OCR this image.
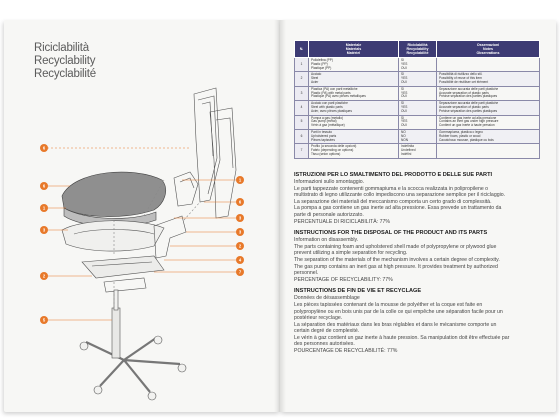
6
6
1
3
2
5
1
6
3
3
2
4
7
Riciclabilità
Recyclability
Recyclabilité
N.	Materiale
Materials
Matériel	Riciclabilità
Recyclability
Recyclabilité	Osservazioni
Notes
Observations

1	Poliolefina (PP)
Plastic (PP)
Plastique (PP)	SI
YES
OUI	

2	Acciaio
Steel
Acier	SI
YES
OUI	Possibilità di riutilizzo dello stil.
Possibility of reuse of this item
Possibilité de réutiliser cet élément

3	Plastica (PA) con parti metalliche
Plastic (PA) with metal parts
Plastique (PA) avec pièces métalliques	SI
YES
OUI	Separazione accurata delle parti plastiche
Accurate separation of plastic parts
Précise séparation des parties plastiques

4	Acciaio con parti plastiche
Steel with plastic parts
Acier, avec pièces plastiques	SI
YES
OUI	Separazione accurata delle parti plastiche
Accurate separation of plastic parts
Précise séparation des parties plastiques

5	Pompa a gas (metallo)
Gas pump (metal)
Vérin à gaz (métallique)	SI
YES
OUI	Contiene un gas inerte ad alta pressione
Contains an inert gas under high pressure
Contient un gaz inerte à haute pression

6	Parti in tessuto
Upholstered parts
Pièces tapissées	NO
NO
NON	Gommapiuma, plastica o legno
Rubber foam, plastic or wood
Caoutchouc mousse, plastique ou bois

7	Profilo (a seconda delle opzioni)
Fabric (depending on options)
Tissu (selon options)	Indefinita
Undefined
Indéfini	

ISTRUZIONI PER LO SMALTIMENTO DEL PRODOTTO E DELLE SUE PARTI
Informazioni sullo smontaggio.
Le parti tappezzate contenenti gommapiuma e la scocca realizzata in polipropilene o
multistrato di legno utilizzante collo impediscono una separazione semplice per il riciclaggio.
La separazione dei materiali del meccanismo comporta un certo grado di complessità.
La pompa a gas contiene un gas inerte ad alta pressione. Essa prevede un trattamento da
parte di personale autorizzato.
PERCENTUALE DI RICICLABILITÀ: 77%
INSTRUCTIONS FOR THE DISPOSAL OF THE PRODUCT AND ITS PARTS
Information on disassembly.
The parts containing foam and upholstered shell made of polypropylene or plywood glue
prevent utilizing a simple separation for recycling.
The separation of the materials of the mechanism involves a certain degree of complexity.
The gas pump contains an inert gas at high pressure. It provides treatment by authorized
personnel.
PERCENTAGE OF RECYCLABILITY: 77%
INSTRUCTIONS DE FIN DE VIE ET RECYCLAGE
Données de désassemblage
Les pièces tapissées contenant de la mousse de polyéther et la coque est faite en
polypropylène ou en bois unis par de la colle ce qui empêche une séparation facile pour un
postérieur recyclage.
La séparation des matériaux dans les bras réglables et dans le mécanisme comporte un
certain degré de complexité.
Le vérin à gaz contient un gaz inerte à haute pression. Sa manipulation doit être effectuée par
des personnes autorisées.
POURCENTAGE DE RECYCLABILITÉ: 77%
